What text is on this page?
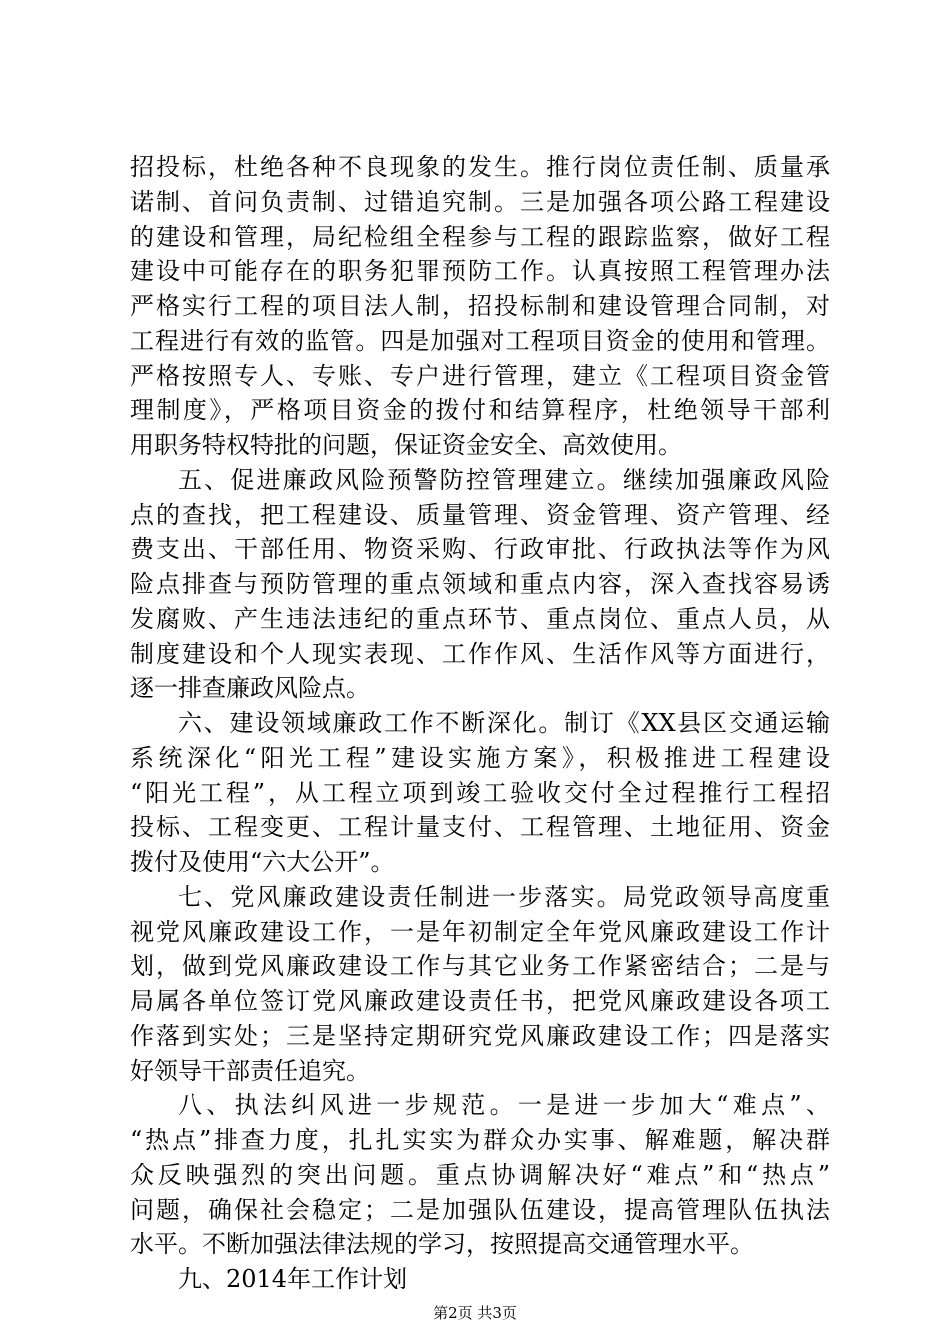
招投标，杜绝各种不良现象的发生。推行岗位责任制、质量承
诺制、首问负责制、过错追究制。三是加强各项公路工程建设
的建设和管理，局纪检组全程参与工程的跟踪监察，做好工程
建设中可能存在的职务犯罪预防工作。认真按照工程管理办法
严格实行工程的项目法人制，招投标制和建设管理合同制，对
工程进行有效的监管。四是加强对工程项目资金的使用和管理。
严格按照专人、专账、专户进行管理，建立《工程项目资金管
理制度》，严格项目资金的拨付和结算程序，杜绝领导干部利
用职务特权特批的问题，保证资金安全、高效使用。
五、促进廉政风险预警防控管理建立。继续加强廉政风险
点的查找，把工程建设、质量管理、资金管理、资产管理、经
费支出、干部任用、物资采购、行政审批、行政执法等作为风
险点排查与预防管理的重点领域和重点内容，深入查找容易诱
发腐败、产生违法违纪的重点环节、重点岗位、重点人员，从
制度建设和个人现实表现、工作作风、生活作风等方面进行，
逐一排查廉政风险点。
六、建设领域廉政工作不断深化。制订《XX县区交通运输
系统深化“阳光工程”建设实施方案》，积极推进工程建设
“阳光工程”，从工程立项到竣工验收交付全过程推行工程招
投标、工程变更、工程计量支付、工程管理、土地征用、资金
拨付及使用“六大公开”。
七、党风廉政建设责任制进一步落实。局党政领导高度重
视党风廉政建设工作，一是年初制定全年党风廉政建设工作计
划，做到党风廉政建设工作与其它业务工作紧密结合；二是与
局属各单位签订党风廉政建设责任书，把党风廉政建设各项工
作落到实处；三是坚持定期研究党风廉政建设工作；四是落实
好领导干部责任追究。
八、执法纠风进一步规范。一是进一步加大“难点”、
“热点”排查力度，扎扎实实为群众办实事、解难题，解决群
众反映强烈的突出问题。重点协调解决好“难点”和“热点”
问题，确保社会稳定；二是加强队伍建设，提高管理队伍执法
水平。不断加强法律法规的学习，按照提高交通管理水平。
九、2014年工作计划
第2页 共3页
